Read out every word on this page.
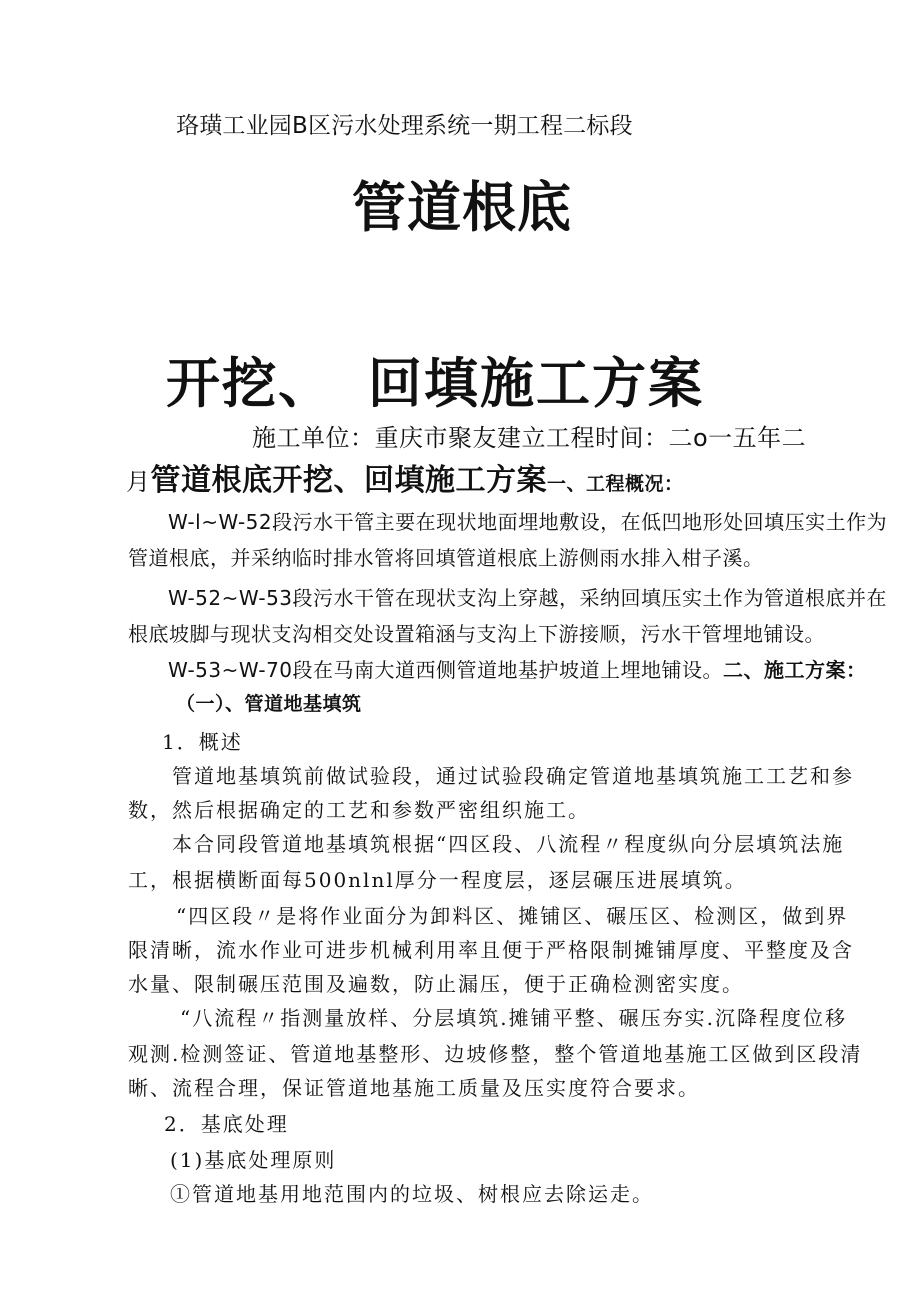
珞璜工业园B区污水处理系统一期工程二标段
管道根底
开挖、 回填施工方案
施工单位：重庆市聚友建立工程时间：二o一五年二
月管道根底开挖、回填施工方案一、工程概况：
W-l~W-52段污水干管主要在现状地面埋地敷设，在低凹地形处回填压实土作为
管道根底，并采纳临时排水管将回填管道根底上游侧雨水排入柑子溪。
W-52~W-53段污水干管在现状支沟上穿越，采纳回填压实土作为管道根底并在
根底坡脚与现状支沟相交处设置箱涵与支沟上下游接顺，污水干管埋地铺设。
W-53~W-70段在马南大道西侧管道地基护坡道上埋地铺设。二、施工方案：
（一）、管道地基填筑
1．概述
管道地基填筑前做试验段，通过试验段确定管道地基填筑施工工艺和参
数，然后根据确定的工艺和参数严密组织施工。
本合同段管道地基填筑根据“四区段、八流程〃程度纵向分层填筑法施
工，根据横断面每500nlnl厚分一程度层，逐层碾压进展填筑。
“四区段〃是将作业面分为卸料区、摊铺区、碾压区、检测区，做到界
限清晰，流水作业可进步机械利用率且便于严格限制摊铺厚度、平整度及含
水量、限制碾压范围及遍数，防止漏压，便于正确检测密实度。
“八流程〃指测量放样、分层填筑.摊铺平整、碾压夯实.沉降程度位移
观测.检测签证、管道地基整形、边坡修整，整个管道地基施工区做到区段清
晰、流程合理，保证管道地基施工质量及压实度符合要求。
2．基底处理
(1)基底处理原则
①管道地基用地范围内的垃圾、树根应去除运走。
